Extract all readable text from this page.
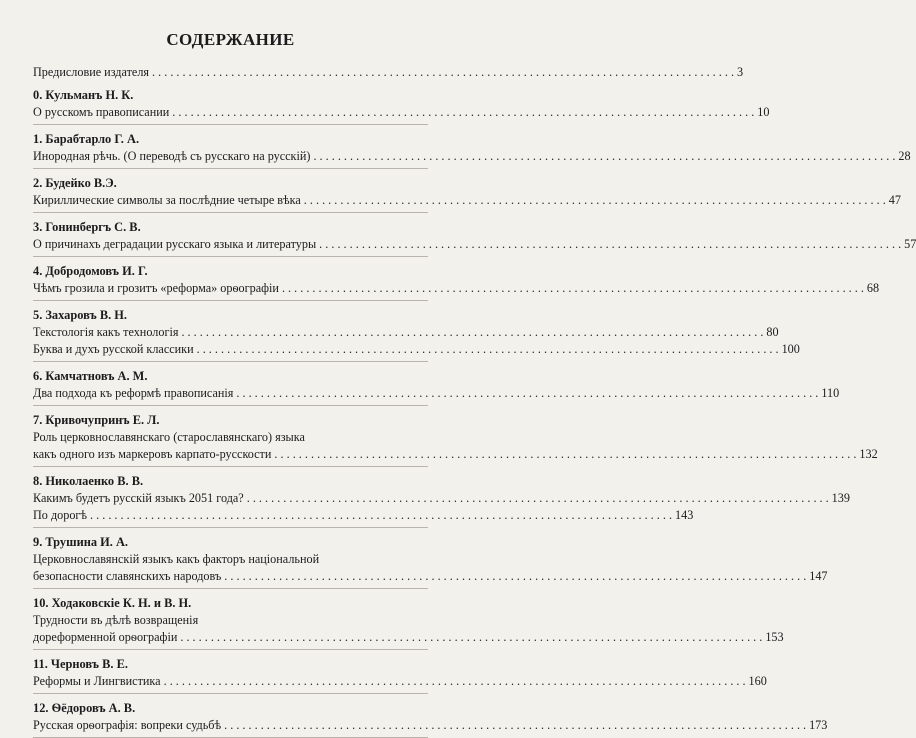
СОДЕРЖАНИЕ
Предисловие издателя . . .	3
0. Кульманъ Н. К.
О русскомъ правописании . . .	10
1. Барабтарло Г. А.
Инородная рѣчь. (О переводѣ съ русскаго на русскій) . . .	28
2. Будейко В.Э.
Кириллические символы за послѣдние четыре вѣка . . .	47
3. Гонинбергъ С. В.
О причинахъ деградации русскаго языка и литературы . . .	57
4. Добродомовъ И. Г.
Чѣмъ грозила и грозитъ «реформа» орѳографіи . . .	68
5. Захаровъ В. Н.
Текстологія какъ технологія . . .	80
Буква и духъ русской классики . . .	100
6. Камчатновъ А. М.
Два подхода къ реформѣ правописанія . . .	110
7. Кривочупринъ Е. Л.
Роль церковнославянскаго (старославянскаго) языка
какъ одного изъ маркеровъ карпато-русскости . . .	132
8. Николаенко В. В.
Какимъ будетъ русскій языкъ 2051 года? . . .	139
По дорогѣ . . .	143
9. Трушина И. А.
Церковнославянскій языкъ какъ факторъ національной
безопасности славянскихъ народовъ . . .	147
10. Ходаковскіе К. Н. и В. Н.
Трудности въ дѣлѣ возвращенія
дореформенной орѳографіи . . .	153
11. Черновъ В. Е.
Реформы и Лингвистика . . .	160
12. Ѳёдоровъ А. В.
Русская орѳографія: вопреки судьбѣ . . .	173
